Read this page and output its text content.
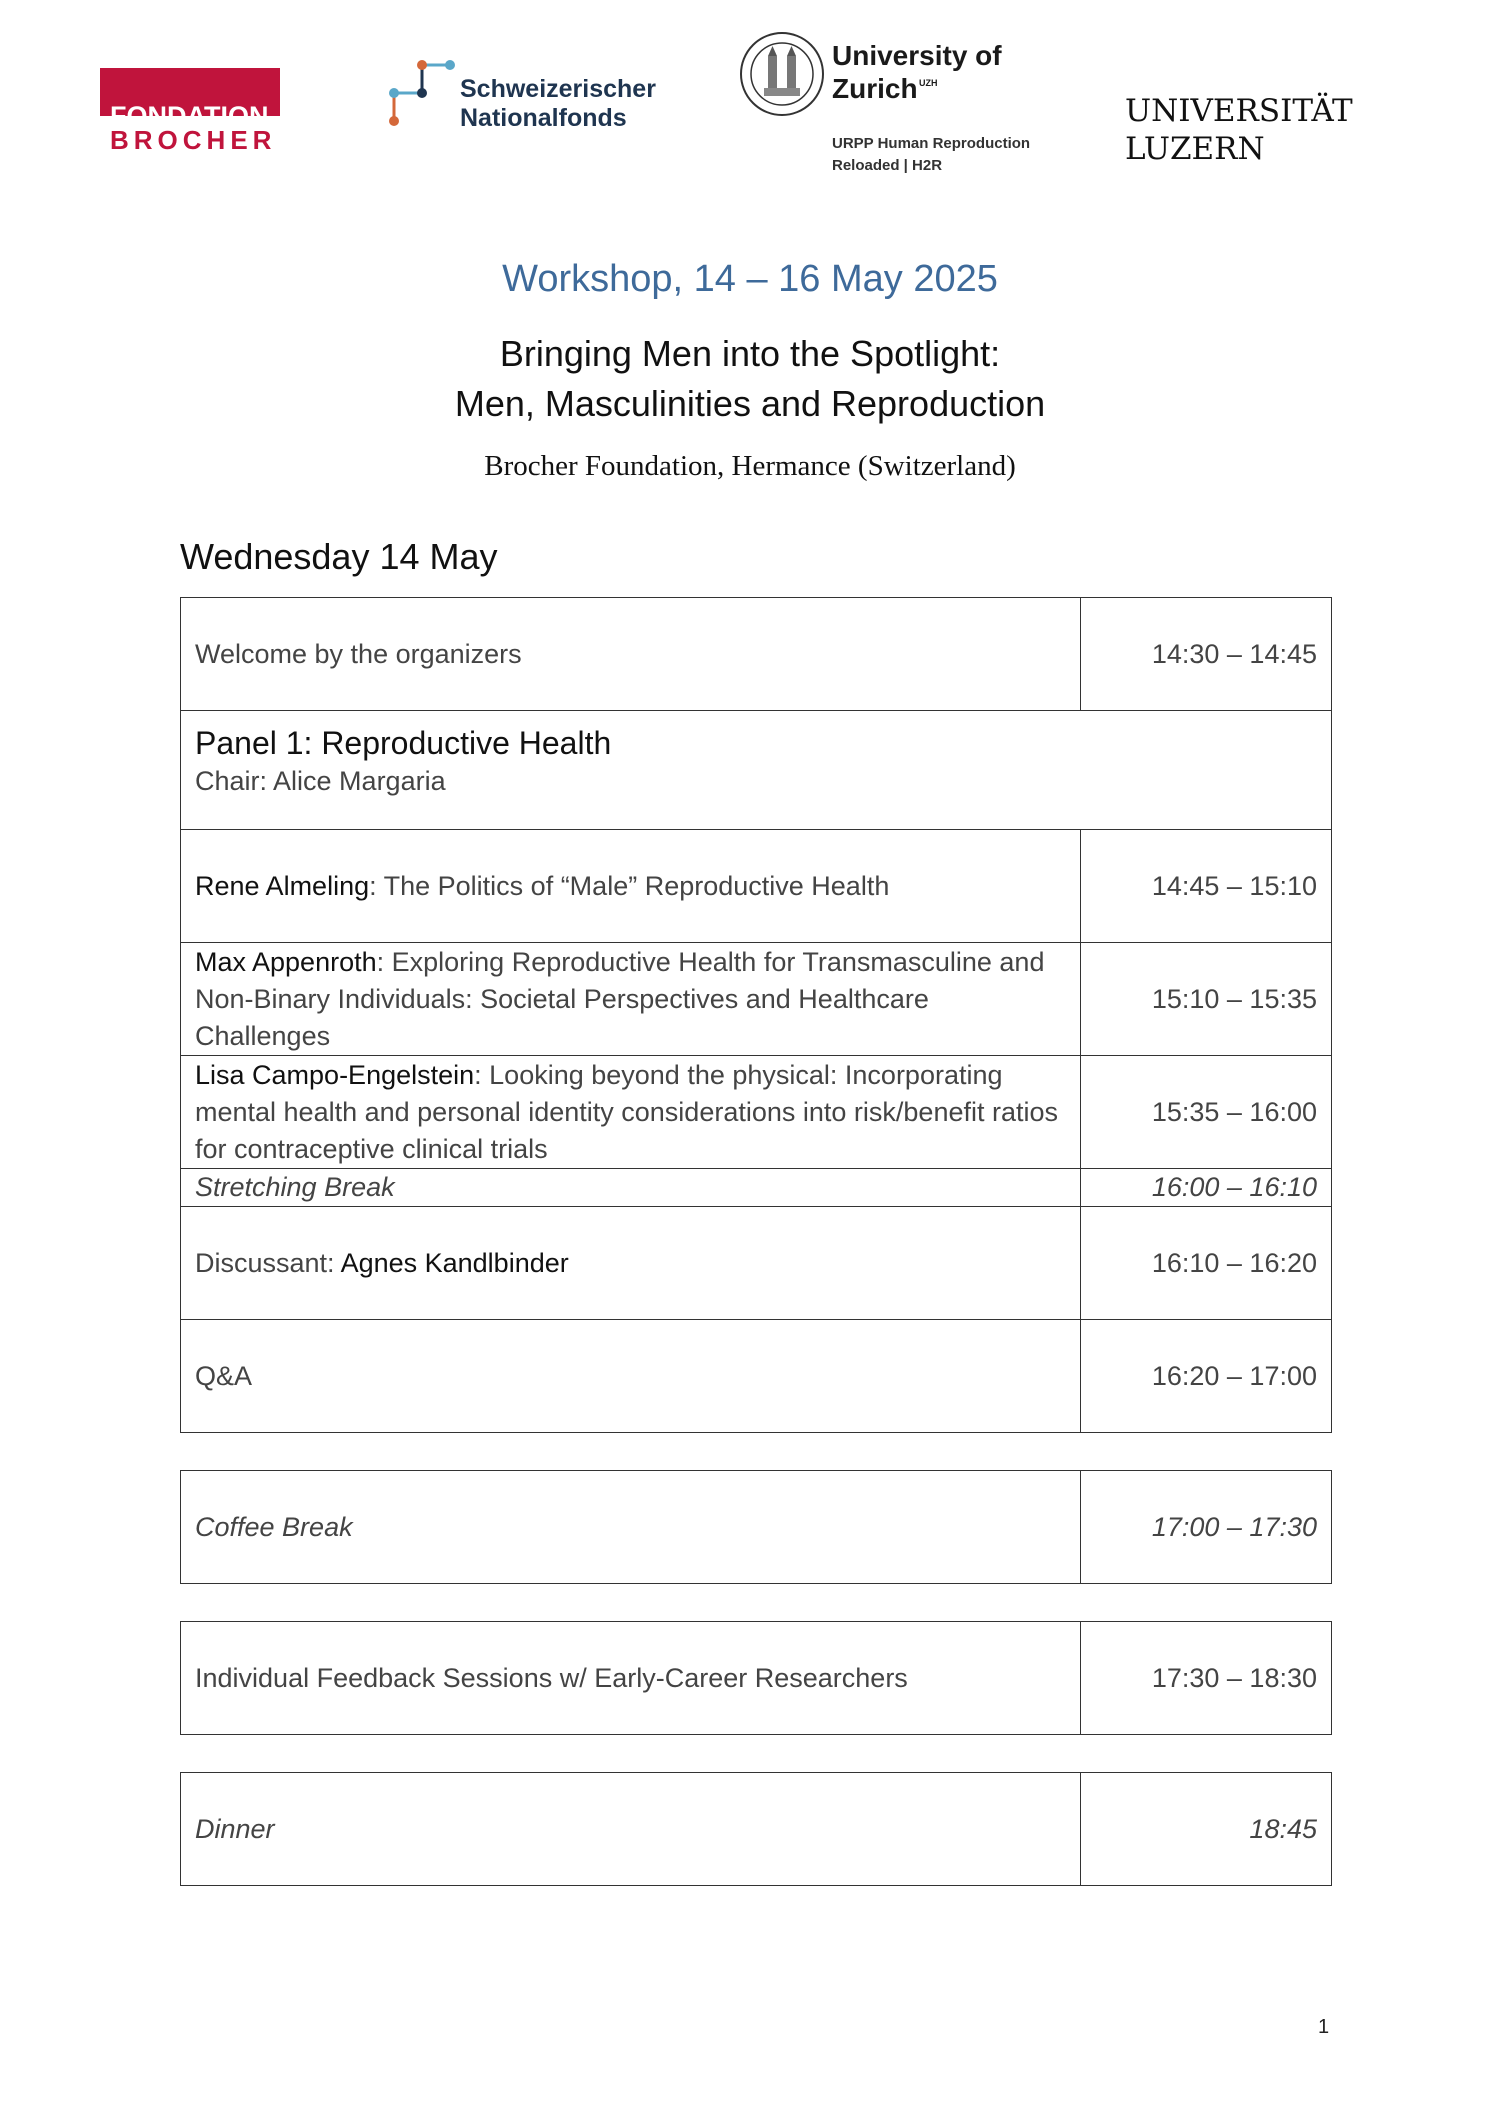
FONDATION
BROCHER
Schweizerischer
Nationalfonds
University of
Zurich UZH
URPP Human Reproduction
Reloaded | H2R
UNIVERSITÄT
LUZERN
Workshop, 14 – 16 May 2025
Bringing Men into the Spotlight:
Men, Masculinities and Reproduction
Brocher Foundation, Hermance (Switzerland)
Wednesday 14 May
Welcome by the organizers	14:30 – 14:45

Panel 1: Reproductive Health
Chair: Alice Margaria	

Rene Almeling: The Politics of “Male” Reproductive Health	14:45 – 15:10
Max Appenroth: Exploring Reproductive Health for Transmasculine and Non-Binary Individuals: Societal Perspectives and Healthcare Challenges	15:10 – 15:35
Lisa Campo-Engelstein: Looking beyond the physical: Incorporating mental health and personal identity considerations into risk/benefit ratios for contraceptive clinical trials	15:35 – 16:00
Stretching Break	16:00 – 16:10
Discussant: Agnes Kandlbinder	16:10 – 16:20
Q&A	16:20 – 17:00
Coffee Break	17:00 – 17:30
Individual Feedback Sessions w/ Early-Career Researchers	17:30 – 18:30
Dinner	18:45
1
